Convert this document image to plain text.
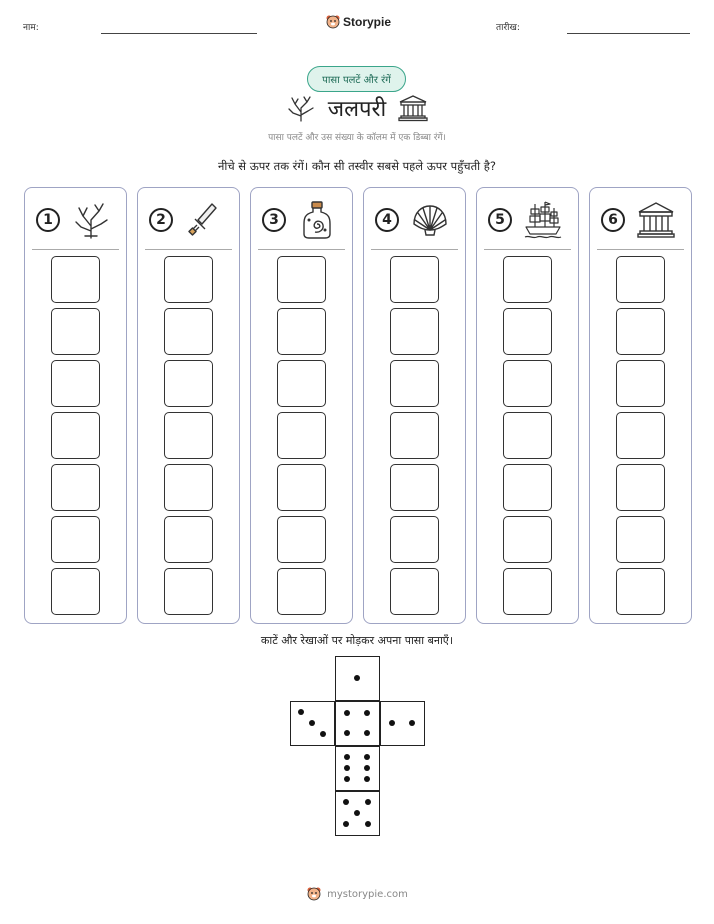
नाम:	Storypie	तारीख:
पासा पलटें और रंगें
जलपरी
पासा पलटें और उस संख्या के कॉलम में एक डिब्बा रंगें।
नीचे से ऊपर तक रंगें। कौन सी तस्वीर सबसे पहले ऊपर पहुँचती है?
1	2	3	4	5	6
काटें और रेखाओं पर मोड़कर अपना पासा बनाएँ।
mystorypie.com
